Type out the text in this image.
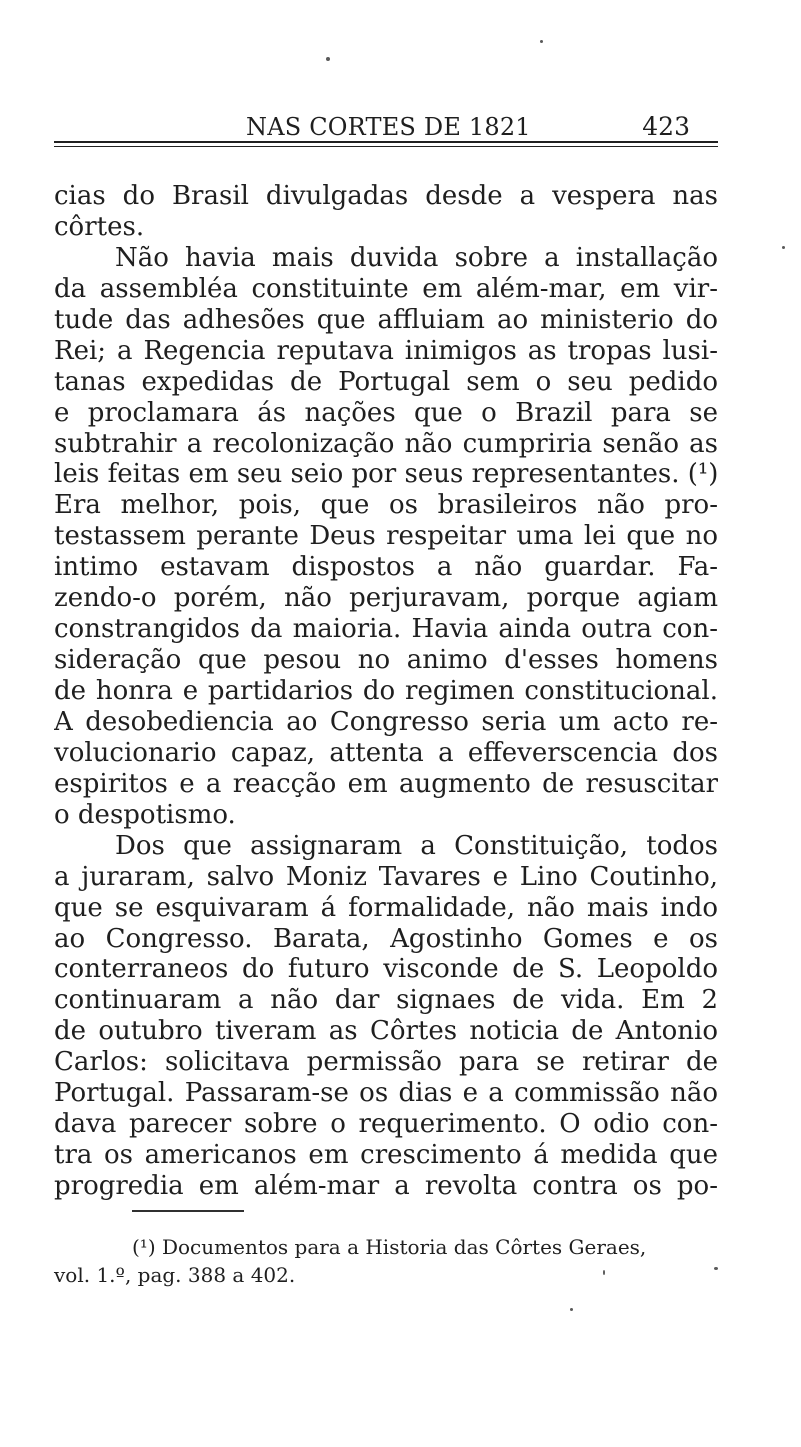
NAS CORTES DE 1821	423
cias do Brasil divulgadas desde a vespera nas
côrtes.
Não havia mais duvida sobre a installação
da assembléa constituinte em além-mar, em vir-
tude das adhesões que affluiam ao ministerio do
Rei; a Regencia reputava inimigos as tropas lusi-
tanas expedidas de Portugal sem o seu pedido
e proclamara ás nações que o Brazil para se
subtrahir a recolonização não cumpriria senão as
leis feitas em seu seio por seus representantes. (¹)
Era melhor, pois, que os brasileiros não pro-
testassem perante Deus respeitar uma lei que no
intimo estavam dispostos a não guardar. Fa-
zendo-o porém, não perjuravam, porque agiam
constrangidos da maioria. Havia ainda outra con-
sideração que pesou no animo d'esses homens
de honra e partidarios do regimen constitucional.
A desobediencia ao Congresso seria um acto re-
volucionario capaz, attenta a effeverscencia dos
espiritos e a reacção em augmento de resuscitar
o despotismo.
Dos que assignaram a Constituição, todos
a juraram, salvo Moniz Tavares e Lino Coutinho,
que se esquivaram á formalidade, não mais indo
ao Congresso. Barata, Agostinho Gomes e os
conterraneos do futuro visconde de S. Leopoldo
continuaram a não dar signaes de vida. Em 2
de outubro tiveram as Côrtes noticia de Antonio
Carlos: solicitava permissão para se retirar de
Portugal. Passaram-se os dias e a commissão não
dava parecer sobre o requerimento. O odio con-
tra os americanos em crescimento á medida que
progredia em além-mar a revolta contra os po-
(¹) Documentos para a Historia das Côrtes Geraes,
vol. 1.º, pag. 388 a 402.
